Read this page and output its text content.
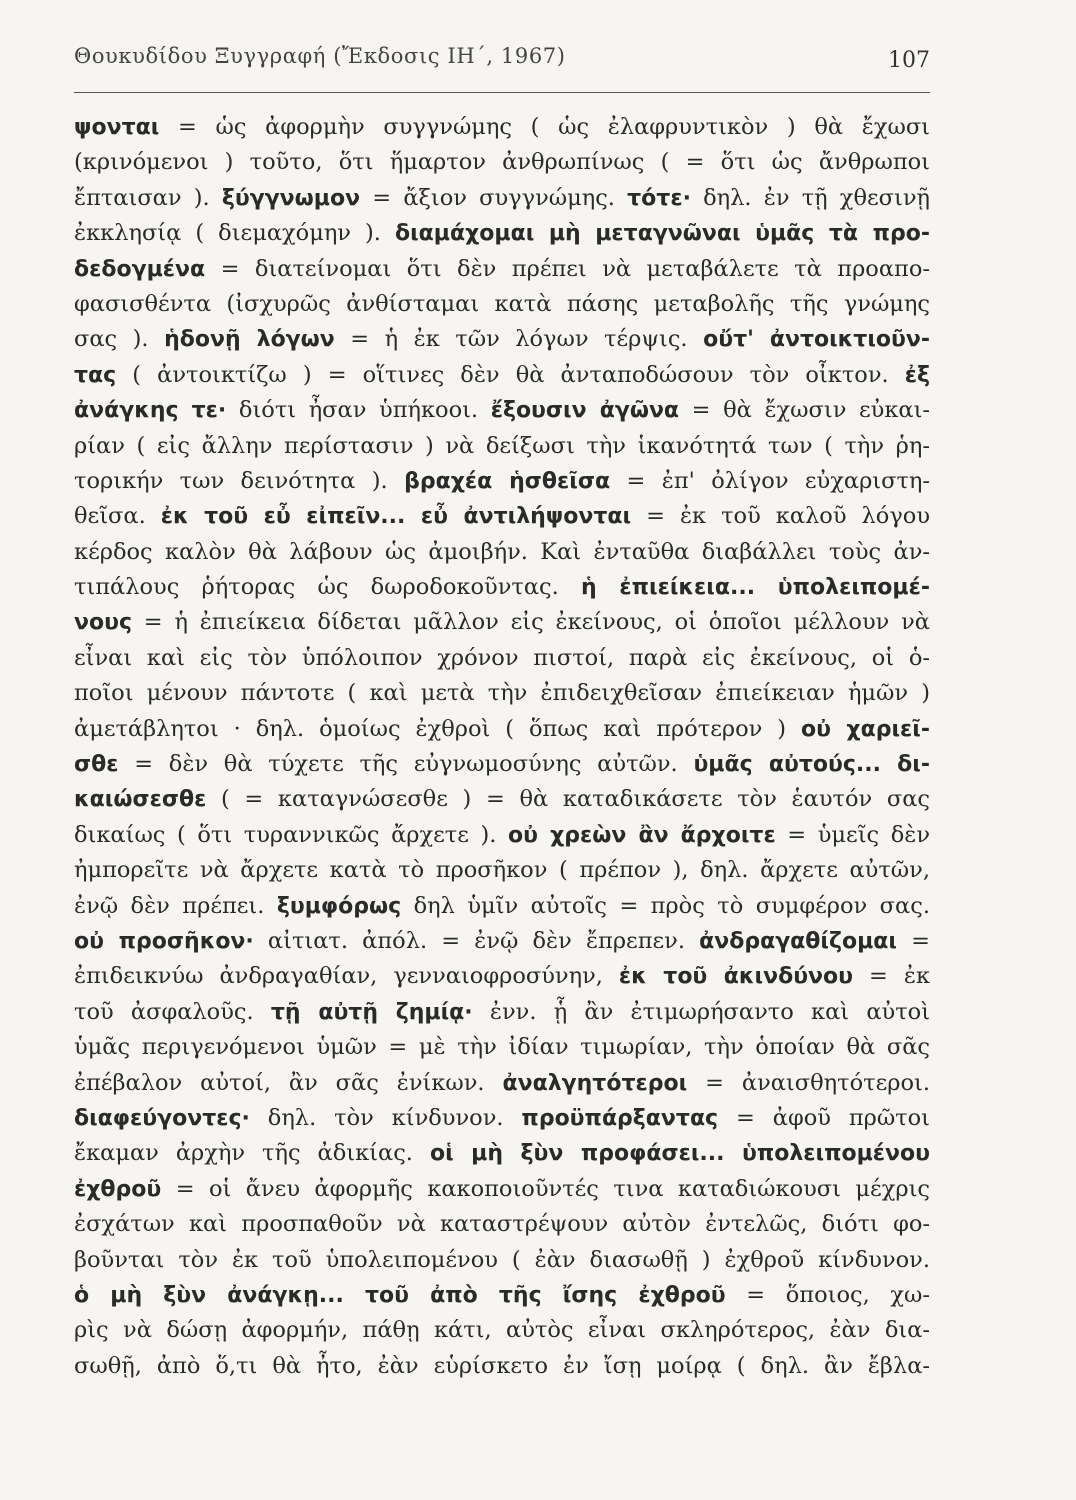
Θουκυδίδου Ξυγγραφή (Ἔκδοσις ΙΗ΄, 1967)	107
ψονται = ὡς ἀφορμὴν συγγνώμης ( ὡς ἐλαφρυντικὸν ) θὰ ἔχωσι
(κρινόμενοι ) τοῦτο, ὅτι ἥμαρτον ἀνθρωπίνως ( = ὅτι ὡς ἄνθρωποι
ἔπταισαν ). ξύγγνωμον = ἄξιον συγγνώμης. τότε· δηλ. ἐν τῇ χθεσινῇ
ἐκκλησίᾳ ( διεμαχόμην ). διαμάχομαι μὴ μεταγνῶναι ὑμᾶς τὰ προ-
δεδογμένα = διατείνομαι ὅτι δὲν πρέπει νὰ μεταβάλετε τὰ προαπο-
φασισθέντα (ἰσχυρῶς ἀνθίσταμαι κατὰ πάσης μεταβολῆς τῆς γνώμης
σας ). ἡδονῇ λόγων = ἡ ἐκ τῶν λόγων τέρψις. οὔτ' ἀντοικτιοῦν-
τας ( ἀντοικτίζω ) = οἵτινες δὲν θὰ ἀνταποδώσουν τὸν οἶκτον. ἐξ
ἀνάγκης τε· διότι ἦσαν ὑπήκοοι. ἔξουσιν ἀγῶνα = θὰ ἔχωσιν εὐκαι-
ρίαν ( εἰς ἄλλην περίστασιν ) νὰ δείξωσι τὴν ἱκανότητά των ( τὴν ῥη-
τορικήν των δεινότητα ). βραχέα ἡσθεῖσα = ἐπ' ὀλίγον εὐχαριστη-
θεῖσα. ἐκ τοῦ εὖ εἰπεῖν... εὖ ἀντιλήψονται = ἐκ τοῦ καλοῦ λόγου
κέρδος καλὸν θὰ λάβουν ὡς ἀμοιβήν. Καὶ ἐνταῦθα διαβάλλει τοὺς ἀν-
τιπάλους ῥήτορας ὡς δωροδοκοῦντας. ἡ ἐπιείκεια... ὑπολειπομέ-
νους = ἡ ἐπιείκεια δίδεται μᾶλλον εἰς ἐκείνους, οἱ ὁποῖοι μέλλουν νὰ
εἶναι καὶ εἰς τὸν ὑπόλοιπον χρόνον πιστοί, παρὰ εἰς ἐκείνους, οἱ ὁ-
ποῖοι μένουν πάντοτε ( καὶ μετὰ τὴν ἐπιδειχθεῖσαν ἐπιείκειαν ἡμῶν )
ἀμετάβλητοι · δηλ. ὁμοίως ἐχθροὶ ( ὅπως καὶ πρότερον ) οὐ χαριεῖ-
σθε = δὲν θὰ τύχετε τῆς εὐγνωμοσύνης αὐτῶν. ὑμᾶς αὐτούς... δι-
καιώσεσθε ( = καταγνώσεσθε ) = θὰ καταδικάσετε τὸν ἑαυτόν σας
δικαίως ( ὅτι τυραννικῶς ἄρχετε ). οὐ χρεὼν ἂν ἄρχοιτε = ὑμεῖς δὲν
ἠμπορεῖτε νὰ ἄρχετε κατὰ τὸ προσῆκον ( πρέπον ), δηλ. ἄρχετε αὐτῶν,
ἐνῷ δὲν πρέπει. ξυμφόρως δηλ ὑμῖν αὐτοῖς = πρὸς τὸ συμφέρον σας.
οὐ προσῆκον· αἰτιατ. ἀπόλ. = ἐνῷ δὲν ἔπρεπεν. ἀνδραγαθίζομαι =
ἐπιδεικνύω ἀνδραγαθίαν, γενναιοφροσύνην, ἐκ τοῦ ἀκινδύνου = ἐκ
τοῦ ἀσφαλοῦς. τῇ αὐτῇ ζημίᾳ· ἐνν. ᾗ ἂν ἐτιμωρήσαντο καὶ αὐτοὶ
ὑμᾶς περιγενόμενοι ὑμῶν = μὲ τὴν ἰδίαν τιμωρίαν, τὴν ὁποίαν θὰ σᾶς
ἐπέβαλον αὐτοί, ἂν σᾶς ἐνίκων. ἀναλγητότεροι = ἀναισθητότεροι.
διαφεύγοντες· δηλ. τὸν κίνδυνον. προϋπάρξαντας = ἀφοῦ πρῶτοι
ἔκαμαν ἀρχὴν τῆς ἀδικίας. οἱ μὴ ξὺν προφάσει... ὑπολειπομένου
ἐχθροῦ = οἱ ἄνευ ἀφορμῆς κακοποιοῦντές τινα καταδιώκουσι μέχρις
ἐσχάτων καὶ προσπαθοῦν νὰ καταστρέψουν αὐτὸν ἐντελῶς, διότι φο-
βοῦνται τὸν ἐκ τοῦ ὑπολειπομένου ( ἐὰν διασωθῇ ) ἐχθροῦ κίνδυνον.
ὁ μὴ ξὺν ἀνάγκῃ... τοῦ ἀπὸ τῆς ἴσης ἐχθροῦ = ὅποιος, χω-
ρὶς νὰ δώσῃ ἀφορμήν, πάθῃ κάτι, αὐτὸς εἶναι σκληρότερος, ἐὰν δια-
σωθῇ, ἀπὸ ὅ,τι θὰ ἦτο, ἐὰν εὑρίσκετο ἐν ἴσῃ μοίρᾳ ( δηλ. ἂν ἔβλα-
